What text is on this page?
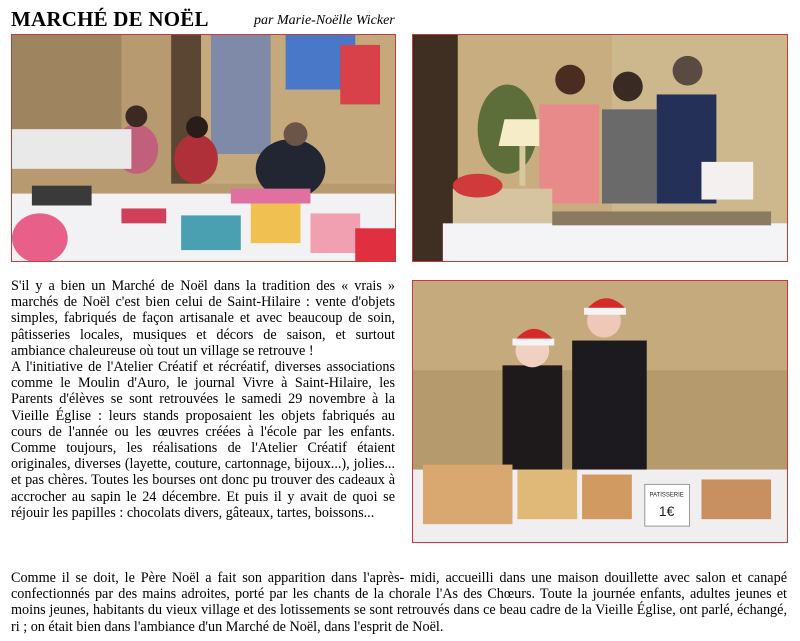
MARCHÉ DE NOËL	par Marie-Noëlle Wicker
PATISSERIE
1€

S'il y a bien un Marché de Noël dans la tradition des « vrais » marchés de Noël c'est bien celui de Saint-Hilaire : vente d'objets simples, fabriqués de façon artisanale et avec beaucoup de soin, pâtisseries locales, musiques et décors de saison, et surtout ambiance chaleureuse où tout un village se retrouve !

A l'initiative de l'Atelier Créatif et récréatif, diverses associations comme le Moulin d'Auro, le journal Vivre à Saint-Hilaire, les Parents d'élèves se sont retrouvées le samedi 29 novembre à la Vieille Église : leurs stands proposaient les objets fabriqués au cours de l'année ou les œuvres créées à l'école par les enfants. Comme toujours, les réalisations de l'Atelier Créatif étaient originales, diverses (layette, couture, cartonnage, bijoux...), jolies... et pas chères. Toutes les bourses ont donc pu trouver des cadeaux à accrocher au sapin le 24 décembre. Et puis il y avait de quoi se réjouir les papilles : chocolats divers, gâteaux, tartes, boissons...

Comme il se doit, le Père Noël a fait son apparition dans l'après- midi, accueilli dans une maison douillette avec salon et canapé confectionnés par des mains adroites, porté par les chants de la chorale l'As des Chœurs. Toute la journée enfants, adultes jeunes et moins jeunes, habitants du vieux village et des lotissements se sont retrouvés dans ce beau cadre de la Vieille Église, ont parlé, échangé, ri ; on était bien dans l'ambiance d'un Marché de Noël, dans l'esprit de Noël.
